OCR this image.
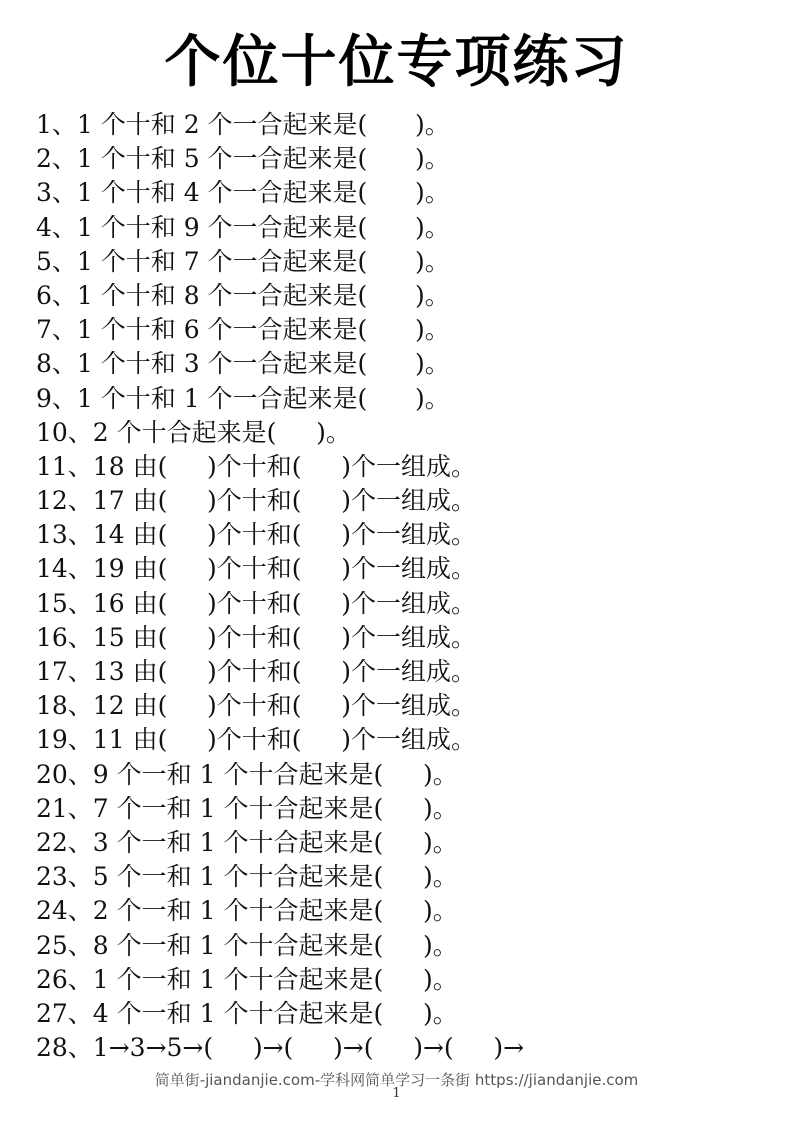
个位十位专项练习
1、1 个十和 2 个一合起来是(      )。
2、1 个十和 5 个一合起来是(      )。
3、1 个十和 4 个一合起来是(      )。
4、1 个十和 9 个一合起来是(      )。
5、1 个十和 7 个一合起来是(      )。
6、1 个十和 8 个一合起来是(      )。
7、1 个十和 6 个一合起来是(      )。
8、1 个十和 3 个一合起来是(      )。
9、1 个十和 1 个一合起来是(      )。
10、2 个十合起来是(     )。
11、18 由(     )个十和(     )个一组成。
12、17 由(     )个十和(     )个一组成。
13、14 由(     )个十和(     )个一组成。
14、19 由(     )个十和(     )个一组成。
15、16 由(     )个十和(     )个一组成。
16、15 由(     )个十和(     )个一组成。
17、13 由(     )个十和(     )个一组成。
18、12 由(     )个十和(     )个一组成。
19、11 由(     )个十和(     )个一组成。
20、9 个一和 1 个十合起来是(     )。
21、7 个一和 1 个十合起来是(     )。
22、3 个一和 1 个十合起来是(     )。
23、5 个一和 1 个十合起来是(     )。
24、2 个一和 1 个十合起来是(     )。
25、8 个一和 1 个十合起来是(     )。
26、1 个一和 1 个十合起来是(     )。
27、4 个一和 1 个十合起来是(     )。
28、1→3→5→(     )→(     )→(     )→(     )→
简单街-jiandanjie.com-学科网简单学习一条街 https://jiandanjie.com
1
